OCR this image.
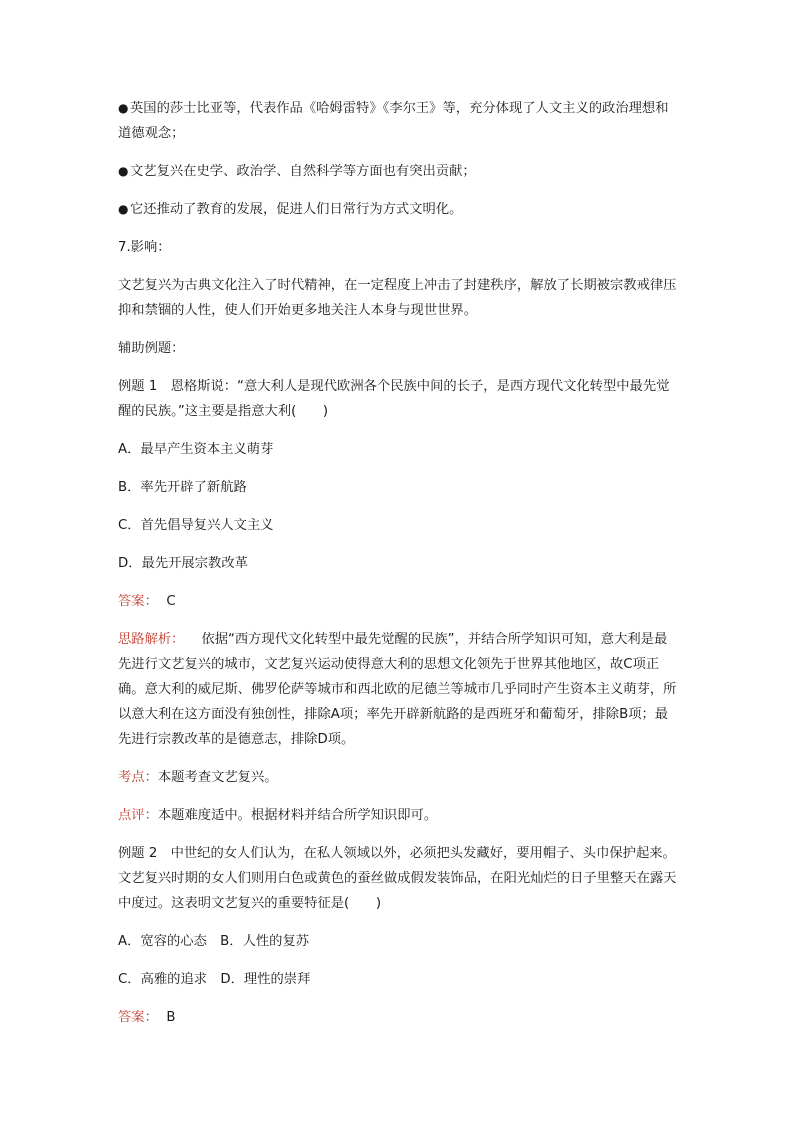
● 英国的莎士比亚等，代表作品《哈姆雷特》《李尔王》等，充分体现了人文主义的政治理想和道德观念；

● 文艺复兴在史学、政治学、自然科学等方面也有突出贡献；

● 它还推动了教育的发展，促进人们日常行为方式文明化。

7.影响：

文艺复兴为古典文化注入了时代精神，在一定程度上冲击了封建秩序，解放了长期被宗教戒律压抑和禁锢的人性，使人们开始更多地关注人本身与现世世界。

辅助例题：

例题 1　恩格斯说：“意大利人是现代欧洲各个民族中间的长子，是西方现代文化转型中最先觉醒的民族。”这主要是指意大利(　　)

A．最早产生资本主义萌芽

B．率先开辟了新航路

C．首先倡导复兴人文主义

D．最先开展宗教改革

答案： C

思路解析： 依据“西方现代文化转型中最先觉醒的民族”，并结合所学知识可知，意大利是最先进行文艺复兴的城市，文艺复兴运动使得意大利的思想文化领先于世界其他地区，故C项正确。意大利的威尼斯、佛罗伦萨等城市和西北欧的尼德兰等城市几乎同时产生资本主义萌芽，所以意大利在这方面没有独创性，排除A项；率先开辟新航路的是西班牙和葡萄牙，排除B项；最先进行宗教改革的是德意志，排除D项。

考点：本题考查文艺复兴。

点评：本题难度适中。根据材料并结合所学知识即可。

例题 2　中世纪的女人们认为，在私人领域以外，必须把头发藏好，要用帽子、头巾保护起来。文艺复兴时期的女人们则用白色或黄色的蚕丝做成假发装饰品，在阳光灿烂的日子里整天在露天中度过。这表明文艺复兴的重要特征是(　　)

A．宽容的心态　B．人性的复苏

C．高雅的追求　D．理性的崇拜

答案： B
